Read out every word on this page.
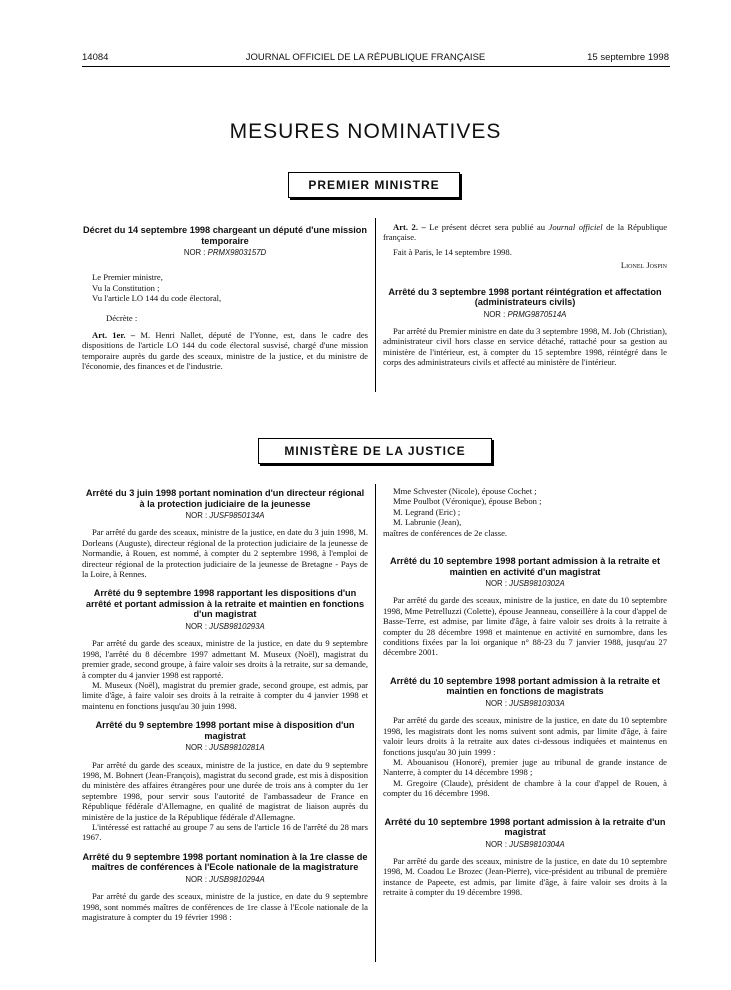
14084	JOURNAL OFFICIEL DE LA RÉPUBLIQUE FRANÇAISE	15 septembre 1998
MESURES NOMINATIVES
PREMIER MINISTRE
Décret du 14 septembre 1998 chargeant un député d'une mission temporaire
NOR : PRMX9803157D

Le Premier ministre,

Vu la Constitution ;

Vu l'article LO 144 du code électoral,

Décrète :

Art. 1er. – M. Henri Nallet, député de l'Yonne, est, dans le cadre des dispositions de l'article LO 144 du code électoral susvisé, chargé d'une mission temporaire auprès du garde des sceaux, ministre de la justice, et du ministre de l'économie, des finances et de l'industrie.

Art. 2. – Le présent décret sera publié au Journal officiel de la République française.

Fait à Paris, le 14 septembre 1998.

Lionel Jospin

Arrêté du 3 septembre 1998 portant réintégration et affectation (administrateurs civils)
NOR : PRMG9870514A

Par arrêté du Premier ministre en date du 3 septembre 1998, M. Job (Christian), administrateur civil hors classe en service détaché, rattaché pour sa gestion au ministère de l'intérieur, est, à compter du 15 septembre 1998, réintégré dans le corps des administrateurs civils et affecté au ministère de l'intérieur.

MINISTÈRE DE LA JUSTICE
Arrêté du 3 juin 1998 portant nomination d'un directeur régional à la protection judiciaire de la jeunesse
NOR : JUSF9850134A

Par arrêté du garde des sceaux, ministre de la justice, en date du 3 juin 1998, M. Dorleans (Auguste), directeur régional de la protection judiciaire de la jeunesse de Normandie, à Rouen, est nommé, à compter du 2 septembre 1998, à l'emploi de directeur régional de la protection judiciaire de la jeunesse de Bretagne - Pays de la Loire, à Rennes.

Arrêté du 9 septembre 1998 rapportant les dispositions d'un arrêté et portant admission à la retraite et maintien en fonctions d'un magistrat
NOR : JUSB9810293A

Par arrêté du garde des sceaux, ministre de la justice, en date du 9 septembre 1998, l'arrêté du 8 décembre 1997 admettant M. Museux (Noël), magistrat du premier grade, second groupe, à faire valoir ses droits à la retraite, sur sa demande, à compter du 4 janvier 1998 est rapporté.

M. Museux (Noël), magistrat du premier grade, second groupe, est admis, par limite d'âge, à faire valoir ses droits à la retraite à compter du 4 janvier 1998 et maintenu en fonctions jusqu'au 30 juin 1998.

Arrêté du 9 septembre 1998 portant mise à disposition d'un magistrat
NOR : JUSB9810281A

Par arrêté du garde des sceaux, ministre de la justice, en date du 9 septembre 1998, M. Bohnert (Jean-François), magistrat du second grade, est mis à disposition du ministère des affaires étrangères pour une durée de trois ans à compter du 1er septembre 1998, pour servir sous l'autorité de l'ambassadeur de France en République fédérale d'Allemagne, en qualité de magistrat de liaison auprès du ministère de la justice de la République fédérale d'Allemagne.

L'intéressé est rattaché au groupe 7 au sens de l'article 16 de l'arrêté du 28 mars 1967.

Arrêté du 9 septembre 1998 portant nomination à la 1re classe de maîtres de conférences à l'Ecole nationale de la magistrature
NOR : JUSB9810294A

Par arrêté du garde des sceaux, ministre de la justice, en date du 9 septembre 1998, sont nommés maîtres de conférences de 1re classe à l'Ecole nationale de la magistrature à compter du 19 février 1998 :

Mme Schvester (Nicole), épouse Cochet ;

Mme Poulbot (Véronique), épouse Bebon ;

M. Legrand (Eric) ;

M. Labrunie (Jean),

maîtres de conférences de 2e classe.

Arrêté du 10 septembre 1998 portant admission à la retraite et maintien en activité d'un magistrat
NOR : JUSB9810302A

Par arrêté du garde des sceaux, ministre de la justice, en date du 10 septembre 1998, Mme Petrelluzzi (Colette), épouse Jeanneau, conseillère à la cour d'appel de Basse-Terre, est admise, par limite d'âge, à faire valoir ses droits à la retraite à compter du 28 décembre 1998 et maintenue en activité en surnombre, dans les conditions fixées par la loi organique n° 88-23 du 7 janvier 1988, jusqu'au 27 décembre 2001.

Arrêté du 10 septembre 1998 portant admission à la retraite et maintien en fonctions de magistrats
NOR : JUSB9810303A

Par arrêté du garde des sceaux, ministre de la justice, en date du 10 septembre 1998, les magistrats dont les noms suivent sont admis, par limite d'âge, à faire valoir leurs droits à la retraite aux dates ci-dessous indiquées et maintenus en fonctions jusqu'au 30 juin 1999 :

M. Abouanisou (Honoré), premier juge au tribunal de grande instance de Nanterre, à compter du 14 décembre 1998 ;

M. Gregoire (Claude), président de chambre à la cour d'appel de Rouen, à compter du 16 décembre 1998.

Arrêté du 10 septembre 1998 portant admission à la retraite d'un magistrat
NOR : JUSB9810304A

Par arrêté du garde des sceaux, ministre de la justice, en date du 10 septembre 1998, M. Coadou Le Brozec (Jean-Pierre), vice-président au tribunal de première instance de Papeete, est admis, par limite d'âge, à faire valoir ses droits à la retraite à compter du 19 décembre 1998.
